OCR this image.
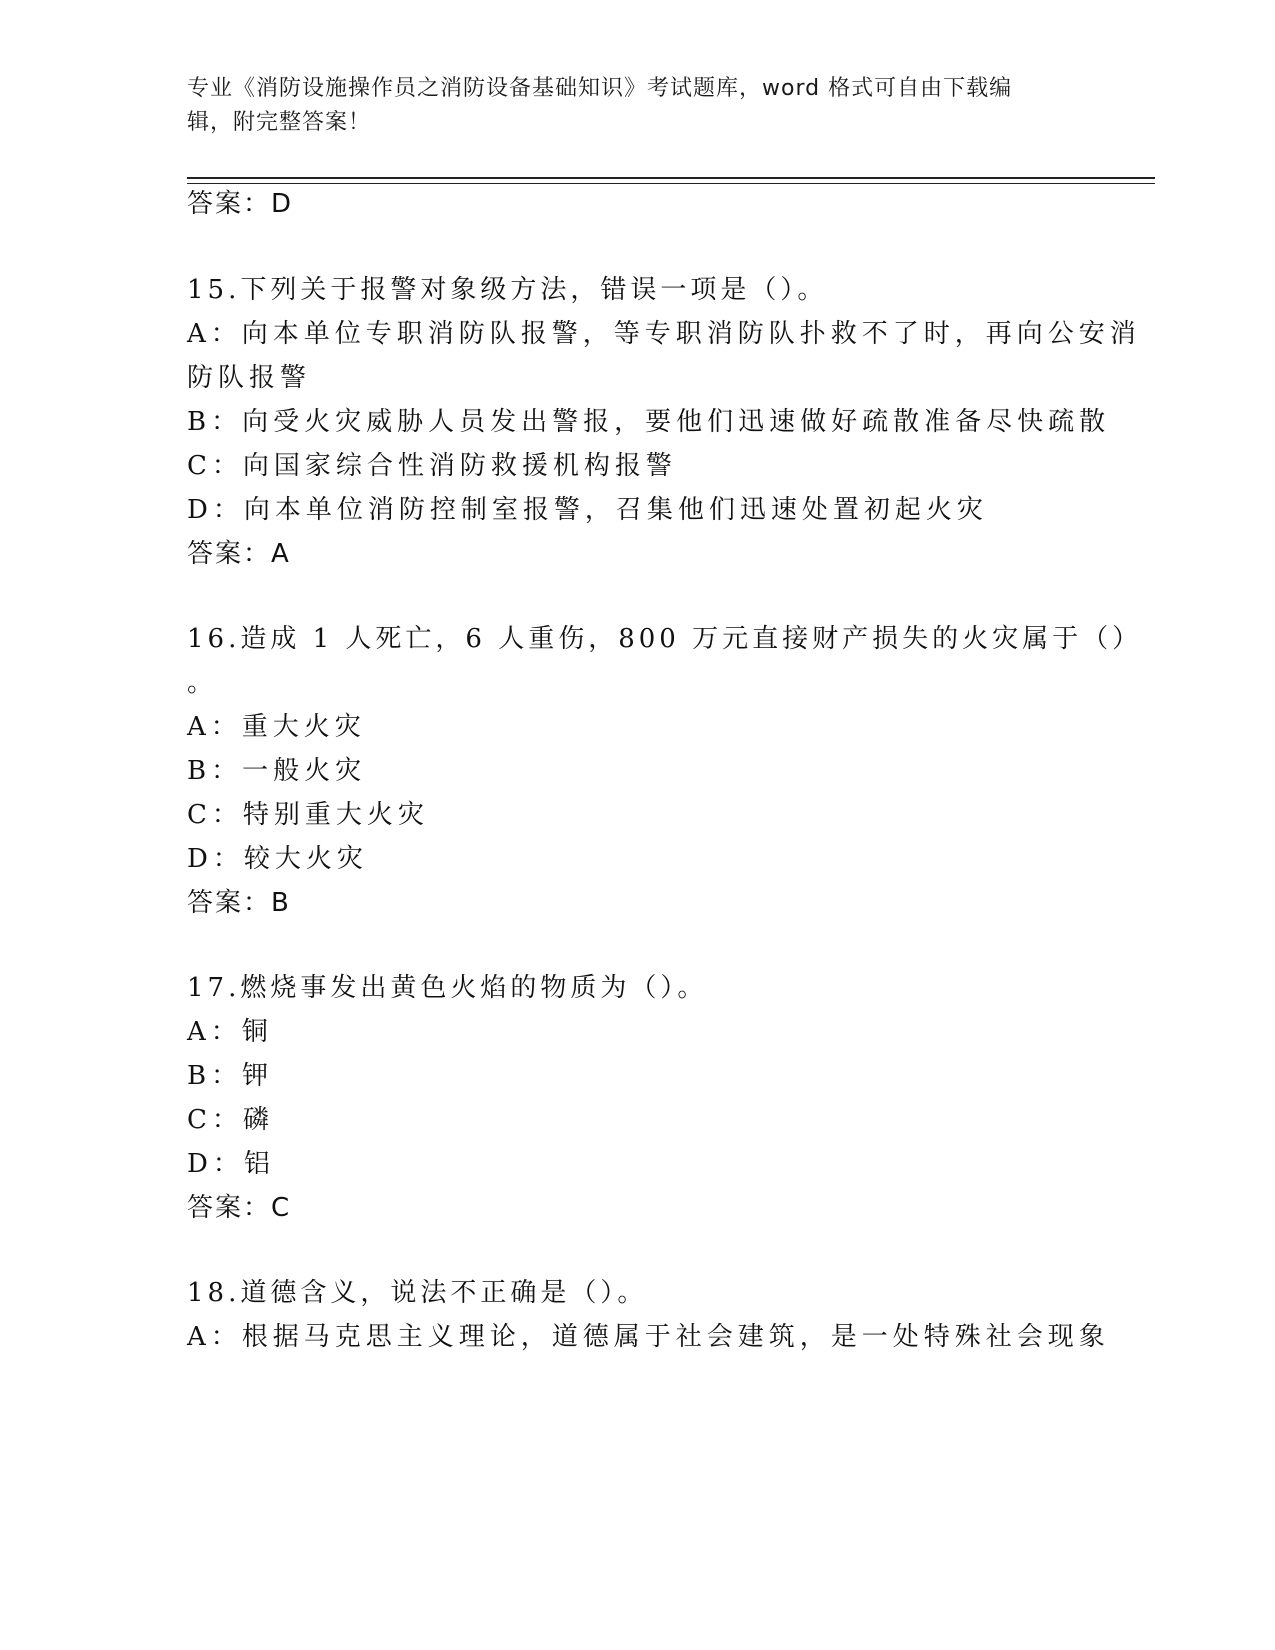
专业《消防设施操作员之消防设备基础知识》考试题库，word 格式可自由下载编
辑，附完整答案！
答案：D
15.下列关于报警对象级方法，错误一项是（）。
A：向本单位专职消防队报警，等专职消防队扑救不了时，再向公安消
防队报警
B：向受火灾威胁人员发出警报，要他们迅速做好疏散准备尽快疏散
C：向国家综合性消防救援机构报警
D：向本单位消防控制室报警，召集他们迅速处置初起火灾
答案：A
16.造成 1 人死亡，6 人重伤，800 万元直接财产损失的火灾属于（）
。
A：重大火灾
B：一般火灾
C：特别重大火灾
D：较大火灾
答案：B
17.燃烧事发出黄色火焰的物质为（）。
A：铜
B：钾
C：磷
D：铝
答案：C
18.道德含义，说法不正确是（）。
A：根据马克思主义理论，道德属于社会建筑，是一处特殊社会现象
